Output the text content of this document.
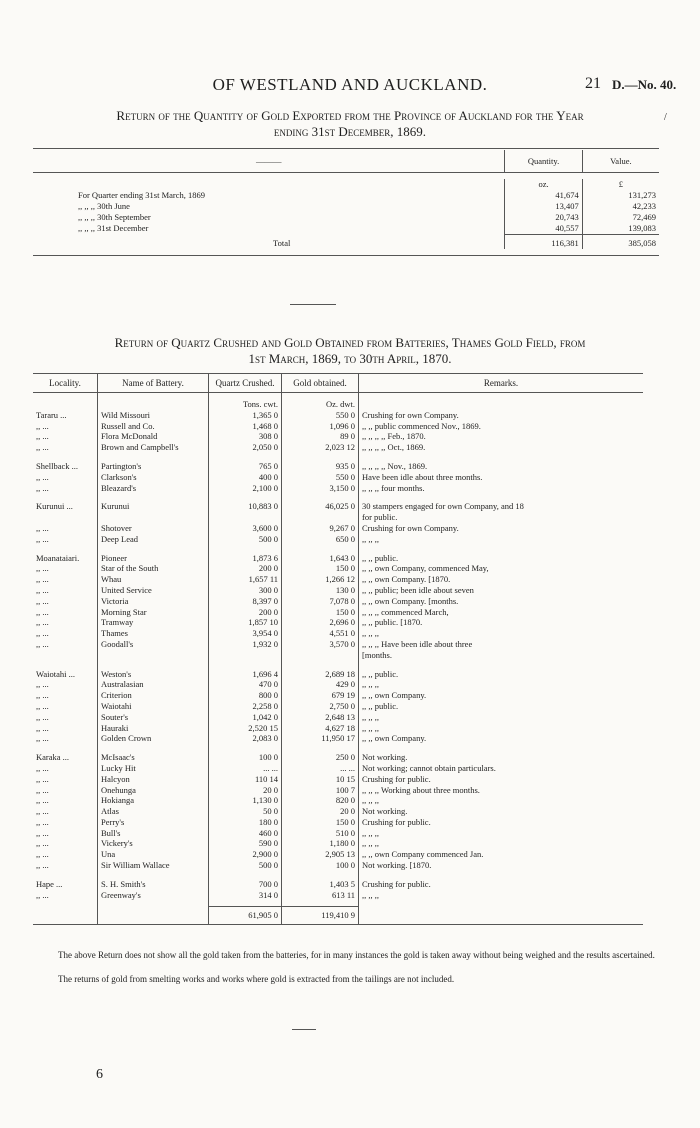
OF WESTLAND AND AUCKLAND.	21 D.—No. 40.
/
Return of the Quantity of Gold Exported from the Province of Auckland for the Year
ending 31st December, 1869.

———	Quantity.	Value.

	oz.	£
For Quarter ending 31st March, 1869	41,674	131,273
,, ,, ,, 30th June	13,407	42,233
,, ,, ,, 30th September	20,743	72,469
,, ,, ,, 31st December	40,557	139,083
Total	116,381	385,058

Return of Quartz Crushed and Gold Obtained from Batteries, Thames Gold Field, from
1st March, 1869, to 30th April, 1870.
Locality.	Name of Battery.	Quartz Crushed.	Gold obtained.	Remarks.
		Tons. cwt.	Oz. dwt.	
Tararu ...	Wild Missouri	1,365 0	550 0	Crushing for own Company.
,, ...	Russell and Co.	1,468 0	1,096 0	,, ,, public commenced Nov., 1869.
,, ...	Flora McDonald	308 0	89 0	,, ,, ,, ,, Feb., 1870.
,, ...	Brown and Campbell's	2,050 0	2,023 12	,, ,, ,, ,, Oct., 1869.

Shellback ...	Partington's	765 0	935 0	,, ,, ,, ,, Nov., 1869.
,, ...	Clarkson's	400 0	550 0	Have been idle about three months.
,, ...	Bleazard's	2,100 0	3,150 0	,, ,, ,, four months.

Kurunui ...	Kurunui	10,883 0	46,025 0	30 stampers engaged for own Company, and 18
				for public.
,, ...	Shotover	3,600 0	9,267 0	Crushing for own Company.
,, ...	Deep Lead	500 0	650 0	,, ,, ,,

Moanataiari.	Pioneer	1,873 6	1,643 0	,, ,, public.
,, ...	Star of the South	200 0	150 0	,, ,, own Company, commenced May,
,, ...	Whau	1,657 11	1,266 12	,, ,, own Company. [1870.
,, ...	United Service	300 0	130 0	,, ,, public; been idle about seven
,, ...	Victoria	8,397 0	7,078 0	,, ,, own Company. [months.
,, ...	Morning Star	200 0	150 0	,, ,, ,, commenced March,
,, ...	Tramway	1,857 10	2,696 0	,, ,, public. [1870.
,, ...	Thames	3,954 0	4,551 0	,, ,, ,,
,, ...	Goodall's	1,932 0	3,570 0	,, ,, ,, Have been idle about three
				[months.

Waiotahi ...	Weston's	1,696 4	2,689 18	,, ,, public.
,, ...	Australasian	470 0	429 0	,, ,, ,,
,, ...	Criterion	800 0	679 19	,, ,, own Company.
,, ...	Waiotahi	2,258 0	2,750 0	,, ,, public.
,, ...	Souter's	1,042 0	2,648 13	,, ,, ,,
,, ...	Hauraki	2,520 15	4,627 18	,, ,, ,,
,, ...	Golden Crown	2,083 0	11,950 17	,, ,, own Company.

Karaka ...	McIsaac's	100 0	250 0	Not working.
,, ...	Lucky Hit	... ...	... ...	Not working; cannot obtain particulars.
,, ...	Halcyon	110 14	10 15	Crushing for public.
,, ...	Onehunga	20 0	100 7	,, ,, ,, Working about three months.
,, ...	Hokianga	1,130 0	820 0	,, ,, ,,
,, ...	Atlas	50 0	20 0	Not working.
,, ...	Perry's	180 0	150 0	Crushing for public.
,, ...	Bull's	460 0	510 0	,, ,, ,,
,, ...	Vickery's	590 0	1,180 0	,, ,, ,,
,, ...	Una	2,900 0	2,905 13	,, ,, own Company commenced Jan.
,, ...	Sir William Wallace	500 0	100 0	Not working. [1870.

Hape ...	S. H. Smith's	700 0	1,403 5	Crushing for public.
,, ...	Greenway's	314 0	613 11	,, ,, ,,

		61,905 0	119,410 9	

The above Return does not show all the gold taken from the batteries, for in many instances the gold is taken away without being weighed and the results ascertained.
The returns of gold from smelting works and works where gold is extracted from the tailings are not included.
6
